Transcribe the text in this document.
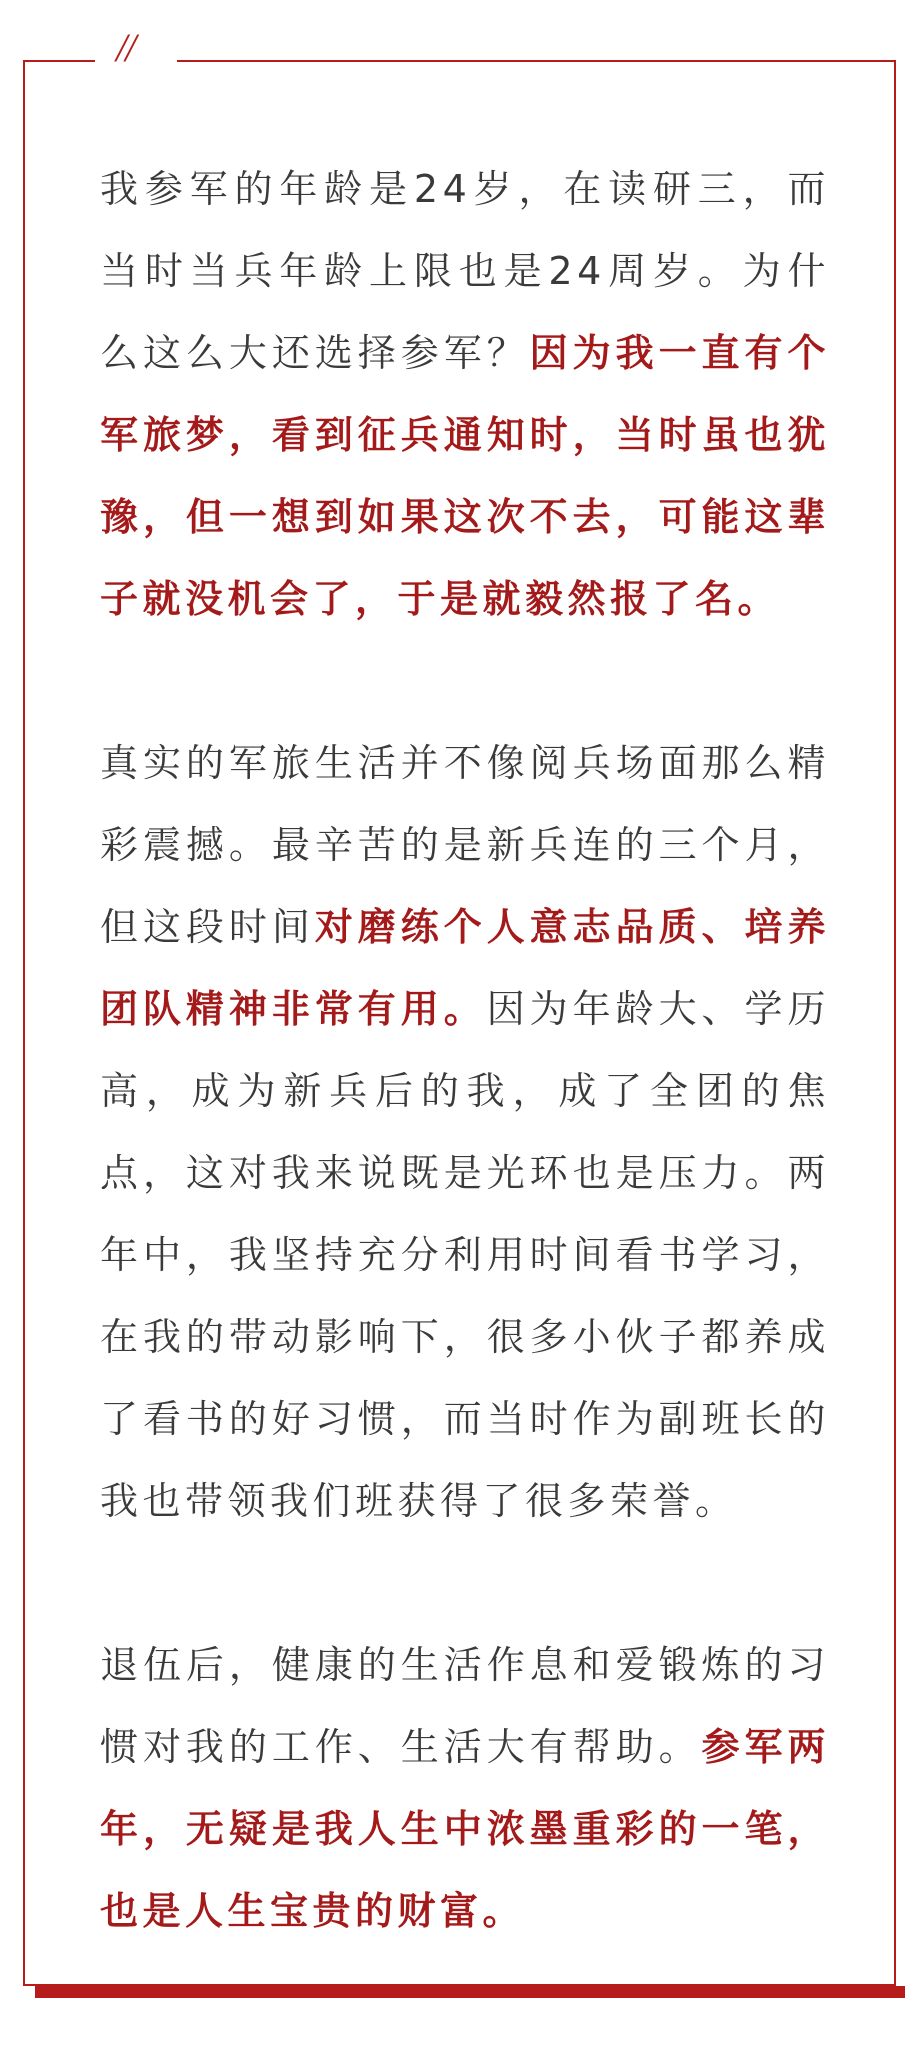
//

我参军的年龄是24岁，在读研三，而当时当兵年龄上限也是24周岁。为什么这么大还选择参军？因为我一直有个军旅梦，看到征兵通知时，当时虽也犹豫，但一想到如果这次不去，可能这辈子就没机会了，于是就毅然报了名。

真实的军旅生活并不像阅兵场面那么精彩震撼。最辛苦的是新兵连的三个月，但这段时间对磨练个人意志品质、培养团队精神非常有用。因为年龄大、学历高，成为新兵后的我，成了全团的焦点，这对我来说既是光环也是压力。两年中，我坚持充分利用时间看书学习，在我的带动影响下，很多小伙子都养成了看书的好习惯，而当时作为副班长的我也带领我们班获得了很多荣誉。

退伍后，健康的生活作息和爱锻炼的习惯对我的工作、生活大有帮助。参军两年，无疑是我人生中浓墨重彩的一笔，也是人生宝贵的财富。
